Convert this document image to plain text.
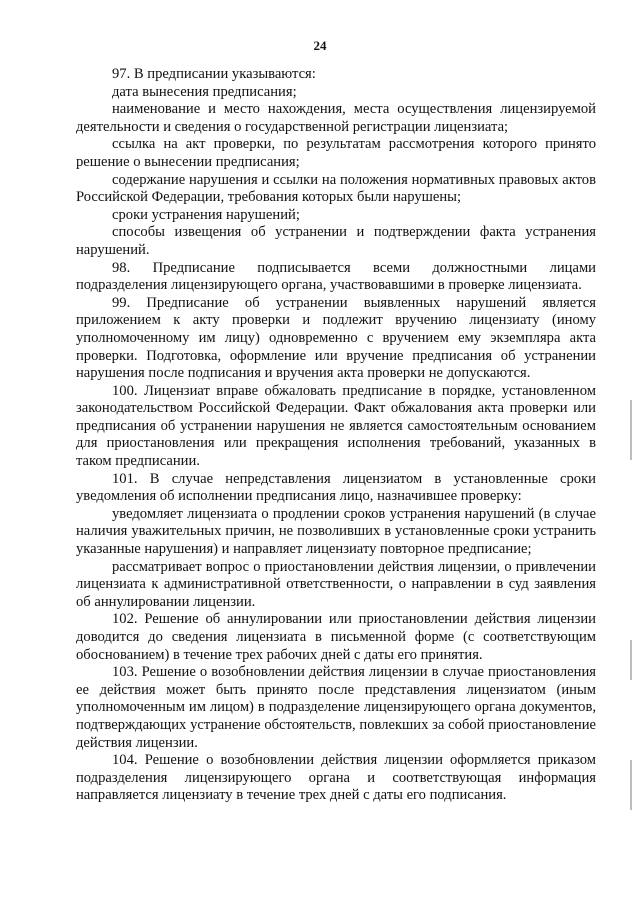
24

97. В предписании указываются:

дата вынесения предписания;

наименование и место нахождения, места осуществления лицензируемой деятельности и сведения о государственной регистрации лицензиата;

ссылка на акт проверки, по результатам рассмотрения которого принято решение о вынесении предписания;

содержание нарушения и ссылки на положения нормативных правовых актов Российской Федерации, требования которых были нарушены;

сроки устранения нарушений;

способы извещения об устранении и подтверждении факта устранения нарушений.

98. Предписание подписывается всеми должностными лицами подразделения лицензирующего органа, участвовавшими в проверке лицензиата.

99. Предписание об устранении выявленных нарушений является приложением к акту проверки и подлежит вручению лицензиату (иному уполномоченному им лицу) одновременно с вручением ему экземпляра акта проверки. Подготовка, оформление или вручение предписания об устранении нарушения после подписания и вручения акта проверки не допускаются.

100. Лицензиат вправе обжаловать предписание в порядке, установленном законодательством Российской Федерации. Факт обжалования акта проверки или предписания об устранении нарушения не является самостоятельным основанием для приостановления или прекращения исполнения требований, указанных в таком предписании.

101. В случае непредставления лицензиатом в установленные сроки уведомления об исполнении предписания лицо, назначившее проверку:

уведомляет лицензиата о продлении сроков устранения нарушений (в случае наличия уважительных причин, не позволивших в установленные сроки устранить указанные нарушения) и направляет лицензиату повторное предписание;

рассматривает вопрос о приостановлении действия лицензии, о привлечении лицензиата к административной ответственности, о направлении в суд заявления об аннулировании лицензии.

102. Решение об аннулировании или приостановлении действия лицензии доводится до сведения лицензиата в письменной форме (с соответствующим обоснованием) в течение трех рабочих дней с даты его принятия.

103. Решение о возобновлении действия лицензии в случае приостановления ее действия может быть принято после представления лицензиатом (иным уполномоченным им лицом) в подразделение лицензирующего органа документов, подтверждающих устранение обстоятельств, повлекших за собой приостановление действия лицензии.

104. Решение о возобновлении действия лицензии оформляется приказом подразделения лицензирующего органа и соответствующая информация направляется лицензиату в течение трех дней с даты его подписания.
